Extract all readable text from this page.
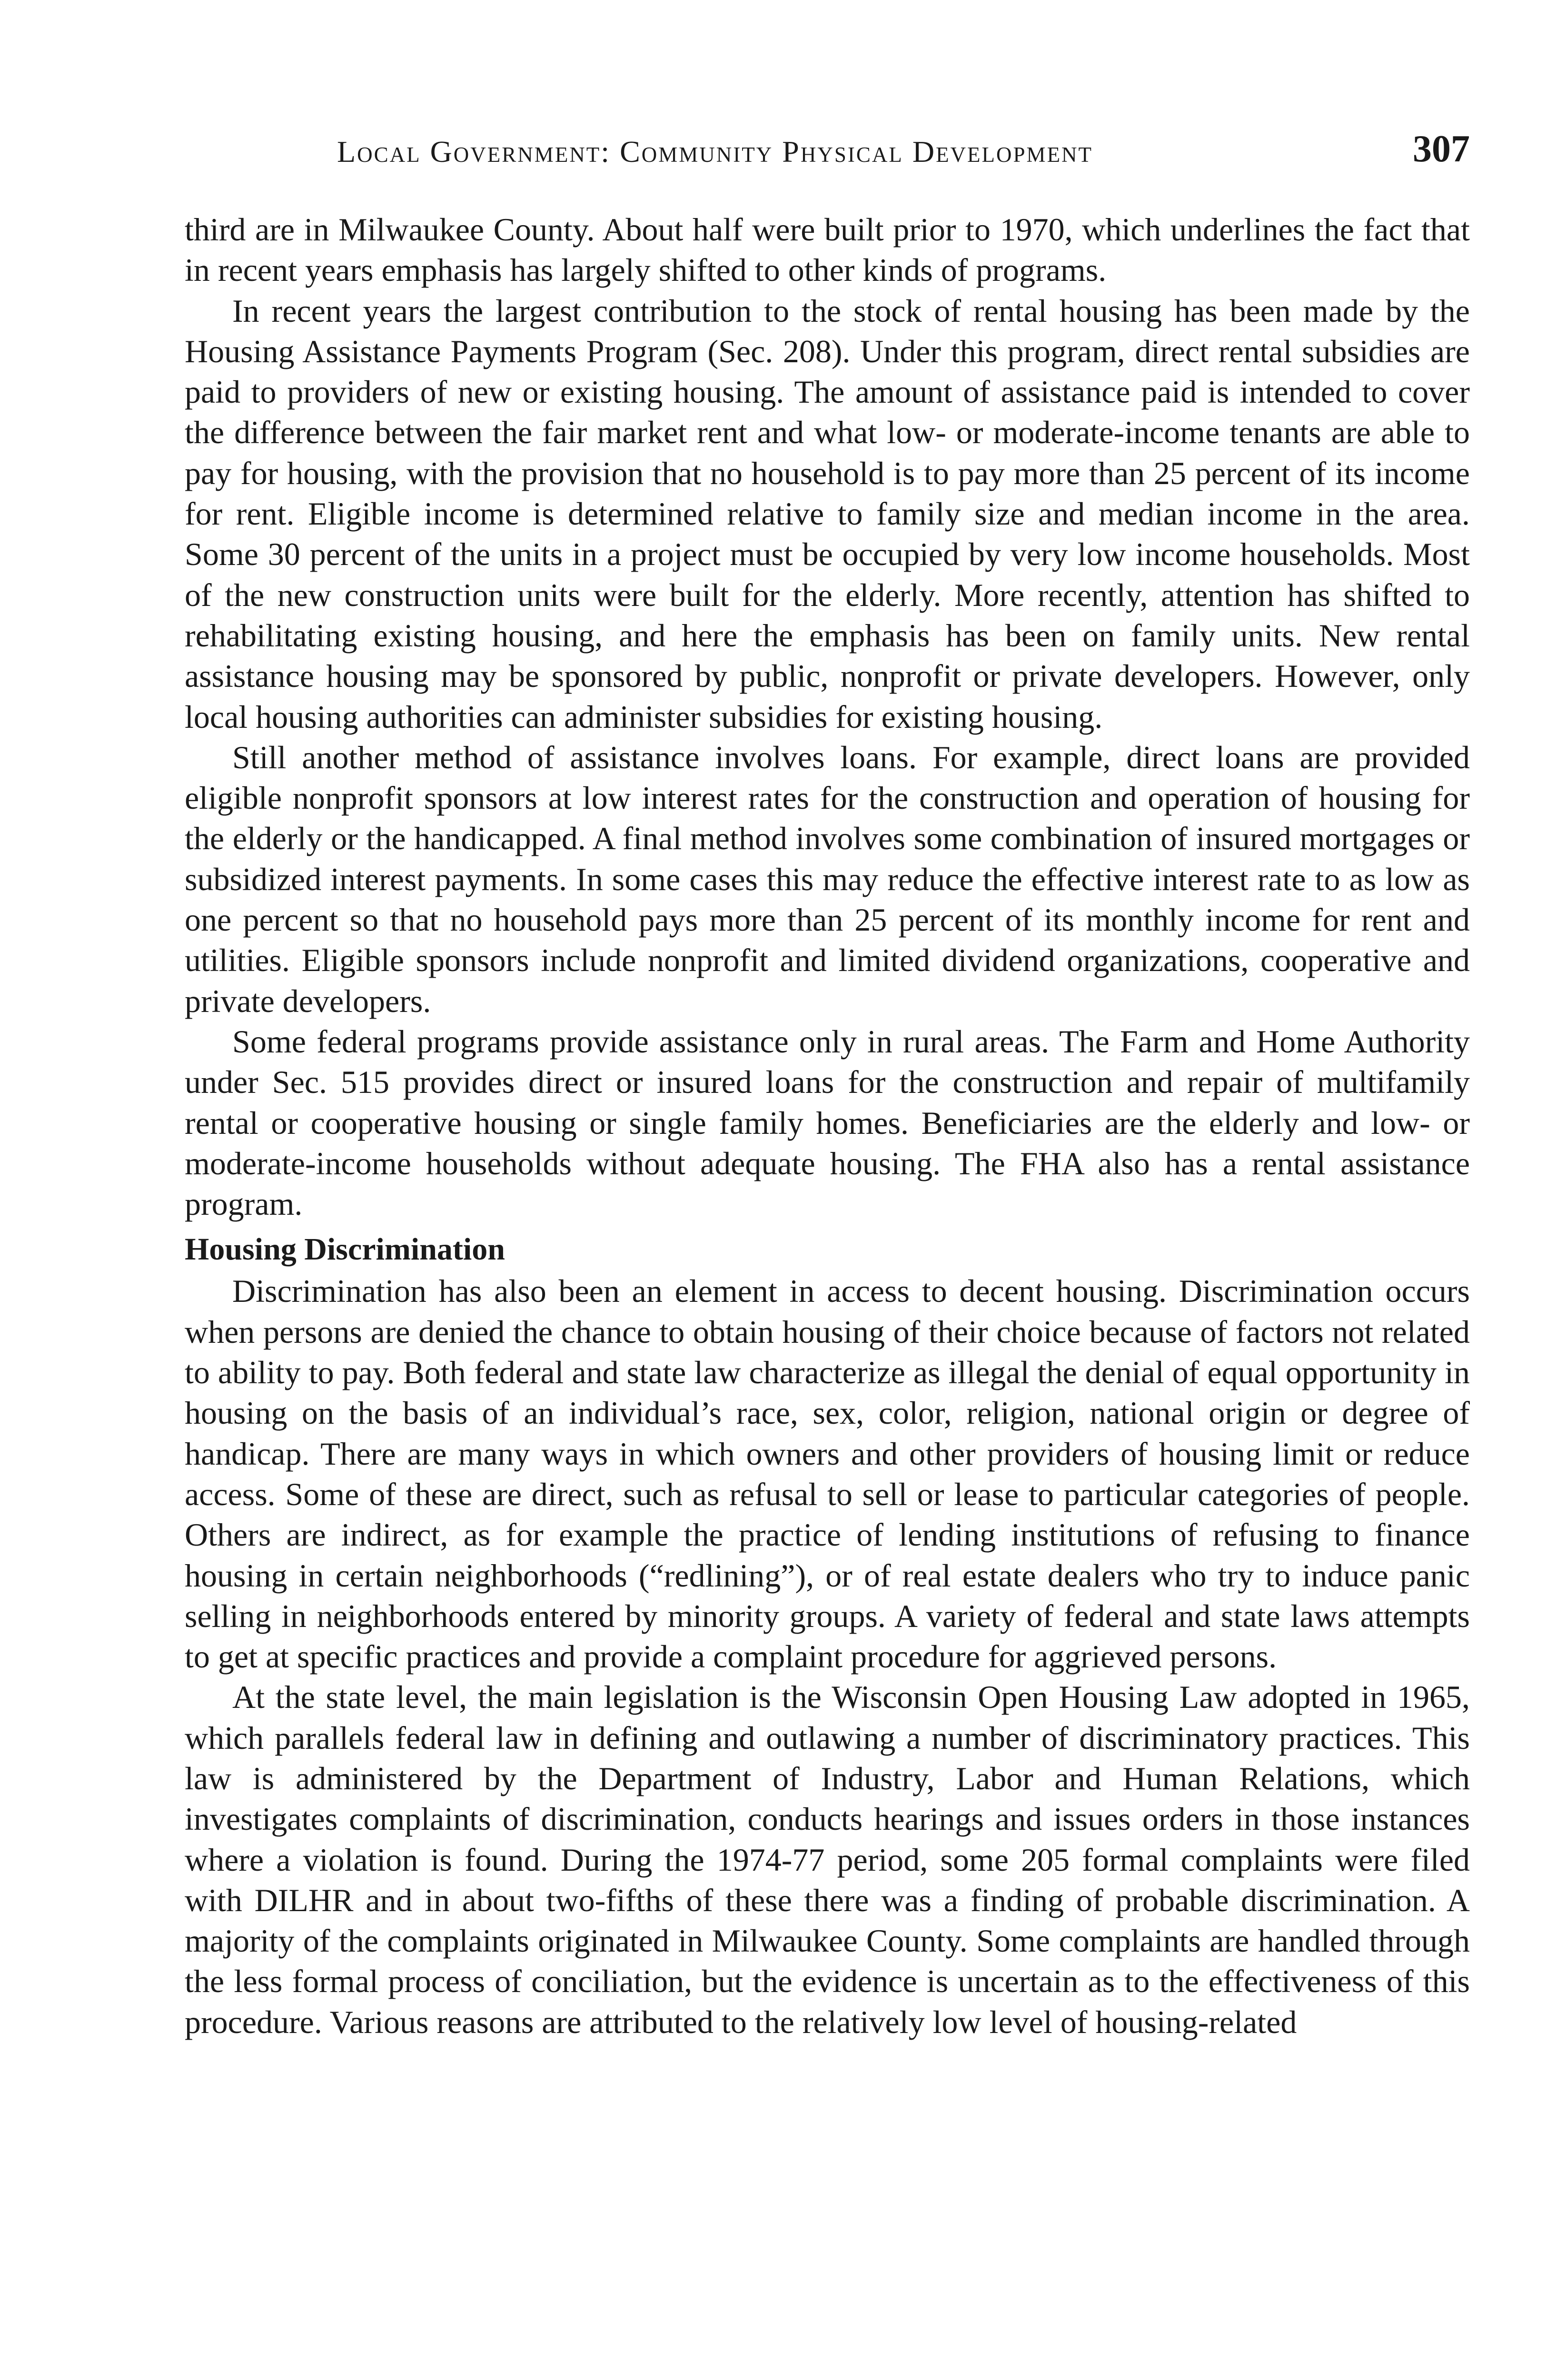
Local Government: Community Physical Development	307

third are in Milwaukee County. About half were built prior to 1970, which underlines the fact that in recent years emphasis has largely shifted to other kinds of programs.

In recent years the largest contribution to the stock of rental housing has been made by the Housing Assistance Payments Program (Sec. 208). Under this program, direct rental subsidies are paid to providers of new or existing housing. The amount of assistance paid is intended to cover the difference between the fair market rent and what low- or moderate-income tenants are able to pay for housing, with the provision that no household is to pay more than 25 percent of its income for rent. Eligible income is determined relative to family size and median income in the area. Some 30 percent of the units in a project must be occupied by very low income households. Most of the new construction units were built for the elderly. More recently, attention has shifted to rehabilitating existing housing, and here the emphasis has been on family units. New rental assistance housing may be sponsored by public, nonprofit or private developers. However, only local housing authorities can administer subsidies for existing housing.

Still another method of assistance involves loans. For example, direct loans are provided eligible nonprofit sponsors at low interest rates for the construction and operation of housing for the elderly or the handicapped. A final method involves some combination of insured mortgages or subsidized interest payments. In some cases this may reduce the effective interest rate to as low as one percent so that no household pays more than 25 percent of its monthly income for rent and utilities. Eligible sponsors include nonprofit and limited dividend organizations, cooperative and private developers.

Some federal programs provide assistance only in rural areas. The Farm and Home Authority under Sec. 515 provides direct or insured loans for the construction and repair of multifamily rental or cooperative housing or single family homes. Beneficiaries are the elderly and low- or moderate-income households without adequate housing. The FHA also has a rental assistance program.

Housing Discrimination

Discrimination has also been an element in access to decent housing. Discrimination occurs when persons are denied the chance to obtain housing of their choice because of factors not related to ability to pay. Both federal and state law characterize as illegal the denial of equal opportunity in housing on the basis of an individual’s race, sex, color, religion, national origin or degree of handicap. There are many ways in which owners and other providers of housing limit or reduce access. Some of these are direct, such as refusal to sell or lease to particular categories of people. Others are indirect, as for example the practice of lending institutions of refusing to finance housing in certain neighborhoods (“redlining”), or of real estate dealers who try to induce panic selling in neighborhoods entered by minority groups. A variety of federal and state laws attempts to get at specific practices and provide a complaint procedure for aggrieved persons.

At the state level, the main legislation is the Wisconsin Open Housing Law adopted in 1965, which parallels federal law in defining and outlawing a number of discriminatory practices. This law is administered by the Department of Industry, Labor and Human Relations, which investigates complaints of discrimination, conducts hearings and issues orders in those instances where a violation is found. During the 1974-77 period, some 205 formal complaints were filed with DILHR and in about two-fifths of these there was a finding of probable discrimination. A majority of the complaints originated in Milwaukee County. Some complaints are handled through the less formal process of conciliation, but the evidence is uncertain as to the effectiveness of this procedure. Various reasons are attributed to the relatively low level of housing-related
